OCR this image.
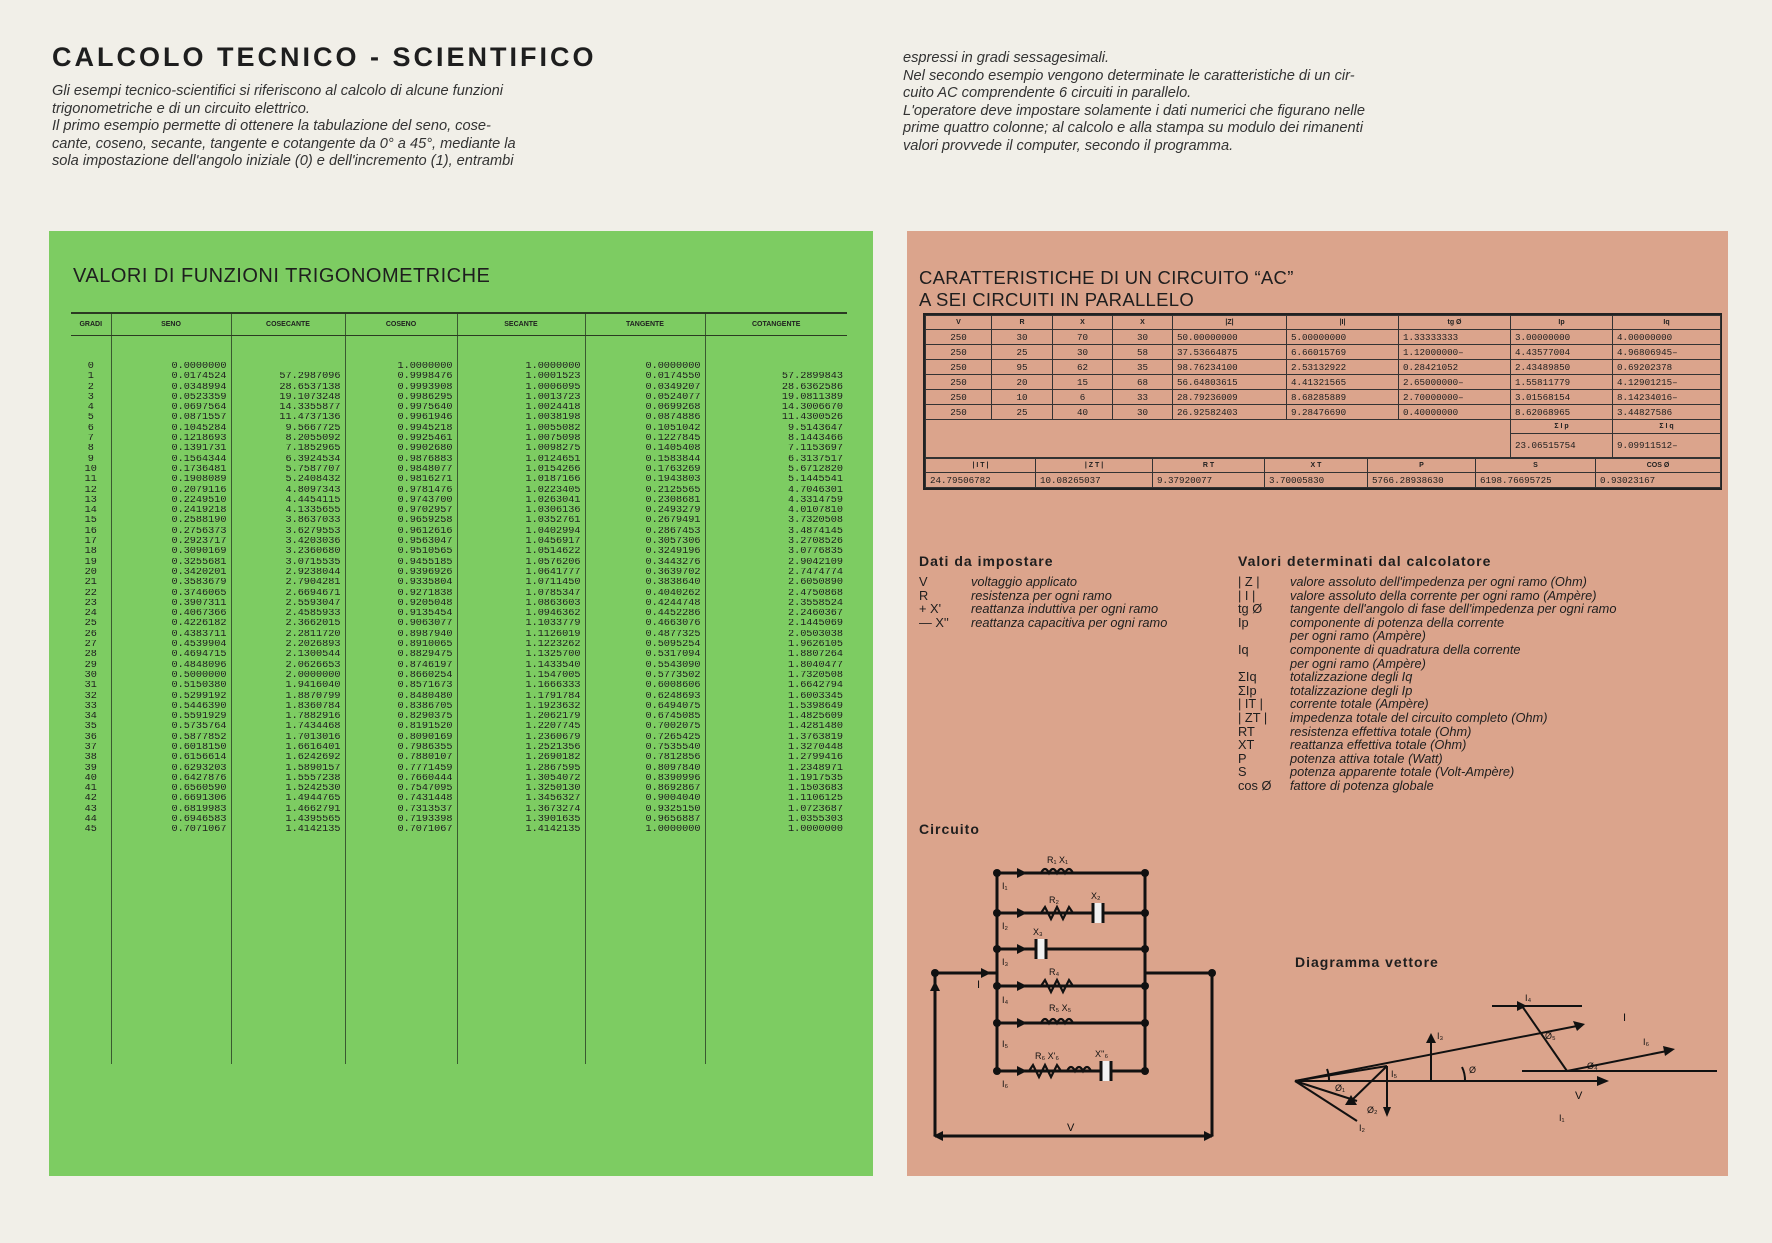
CALCOLO TECNICO - SCIENTIFICO

Gli esempi tecnico-scientifici si riferiscono al calcolo di alcune funzioni
trigonometriche e di un circuito elettrico.
Il primo esempio permette di ottenere la tabulazione del seno, cose-
cante, coseno, secante, tangente e cotangente da 0° a 45°, mediante la
sola impostazione dell'angolo iniziale (0) e dell'incremento (1), entrambi

espressi in gradi sessagesimali.
Nel secondo esempio vengono determinate le caratteristiche di un cir-
cuito AC comprendente 6 circuiti in parallelo.
L'operatore deve impostare solamente i dati numerici che figurano nelle
prime quattro colonne; al calcolo e alla stampa su modulo dei rimanenti
valori provvede il computer, secondo il programma.

VALORI DI FUNZIONI TRIGONOMETRICHE
GRADI	SENO	COSECANTE	COSENO	SECANTE	TANGENTE	COTANGENTE

0	0.0000000		1.0000000	1.0000000	0.0000000	
1	0.0174524	57.2987096	0.9998476	1.0001523	0.0174550	57.2899843
2	0.0348994	28.6537138	0.9993908	1.0006095	0.0349207	28.6362586
3	0.0523359	19.1073248	0.9986295	1.0013723	0.0524077	19.0811389
4	0.0697564	14.3355877	0.9975640	1.0024418	0.0699268	14.3006670
5	0.0871557	11.4737136	0.9961946	1.0038198	0.0874886	11.4300526
6	0.1045284	9.5667725	0.9945218	1.0055082	0.1051042	9.5143647
7	0.1218693	8.2055092	0.9925461	1.0075098	0.1227845	8.1443466
8	0.1391731	7.1852965	0.9902680	1.0098275	0.1405408	7.1153697
9	0.1564344	6.3924534	0.9876883	1.0124651	0.1583844	6.3137517
10	0.1736481	5.7587707	0.9848077	1.0154266	0.1763269	5.6712820
11	0.1908089	5.2408432	0.9816271	1.0187166	0.1943803	5.1445541
12	0.2079116	4.8097343	0.9781476	1.0223405	0.2125565	4.7046301
13	0.2249510	4.4454115	0.9743700	1.0263041	0.2308681	4.3314759
14	0.2419218	4.1335655	0.9702957	1.0306136	0.2493279	4.0107810
15	0.2588190	3.8637033	0.9659258	1.0352761	0.2679491	3.7320508
16	0.2756373	3.6279553	0.9612616	1.0402994	0.2867453	3.4874145
17	0.2923717	3.4203036	0.9563047	1.0456917	0.3057306	3.2708526
18	0.3090169	3.2360680	0.9510565	1.0514622	0.3249196	3.0776835
19	0.3255681	3.0715535	0.9455185	1.0576206	0.3443276	2.9042109
20	0.3420201	2.9238044	0.9396926	1.0641777	0.3639702	2.7474774
21	0.3583679	2.7904281	0.9335804	1.0711450	0.3838640	2.6050890
22	0.3746065	2.6694671	0.9271838	1.0785347	0.4040262	2.4750868
23	0.3907311	2.5593047	0.9205048	1.0863603	0.4244748	2.3558524
24	0.4067366	2.4585933	0.9135454	1.0946362	0.4452286	2.2460367
25	0.4226182	2.3662015	0.9063077	1.1033779	0.4663076	2.1445069
26	0.4383711	2.2811720	0.8987940	1.1126019	0.4877325	2.0503038
27	0.4539904	2.2026893	0.8910065	1.1223262	0.5095254	1.9626105
28	0.4694715	2.1300544	0.8829475	1.1325700	0.5317094	1.8807264
29	0.4848096	2.0626653	0.8746197	1.1433540	0.5543090	1.8040477
30	0.5000000	2.0000000	0.8660254	1.1547005	0.5773502	1.7320508
31	0.5150380	1.9416040	0.8571673	1.1666333	0.6008606	1.6642794
32	0.5299192	1.8870799	0.8480480	1.1791784	0.6248693	1.6003345
33	0.5446390	1.8360784	0.8386705	1.1923632	0.6494075	1.5398649
34	0.5591929	1.7882916	0.8290375	1.2062179	0.6745085	1.4825609
35	0.5735764	1.7434468	0.8191520	1.2207745	0.7002075	1.4281480
36	0.5877852	1.7013016	0.8090169	1.2360679	0.7265425	1.3763819
37	0.6018150	1.6616401	0.7986355	1.2521356	0.7535540	1.3270448
38	0.6156614	1.6242692	0.7880107	1.2690182	0.7812856	1.2799416
39	0.6293203	1.5890157	0.7771459	1.2867595	0.8097840	1.2348971
40	0.6427876	1.5557238	0.7660444	1.3054072	0.8390996	1.1917535
41	0.6560590	1.5242530	0.7547095	1.3250130	0.8692867	1.1503683
42	0.6691306	1.4944765	0.7431448	1.3456327	0.9004040	1.1106125
43	0.6819983	1.4662791	0.7313537	1.3673274	0.9325150	1.0723687
44	0.6946583	1.4395565	0.7193398	1.3901635	0.9656887	1.0355303
45	0.7071067	1.4142135	0.7071067	1.4142135	1.0000000	1.0000000

CARATTERISTICHE DI UN CIRCUITO “AC”
A SEI CIRCUITI IN PARALLELO
V	R	X	X	|Z|	|I|	tg Ø	Ip	Iq
250	30	70	30	50.00000000	5.00000000	1.33333333	3.00000000	4.00000000
250	25	30	58	37.53664875	6.66015769	1.12000000–	4.43577004	4.96806945–
250	95	62	35	98.76234100	2.53132922	0.28421052	2.43489850	0.69202378
250	20	15	68	56.64803615	4.41321565	2.65000000–	1.55811779	4.12901215–
250	10	6	33	28.79236009	8.68285889	2.70000000–	3.01568154	8.14234016–
250	25	40	30	26.92582403	9.28476690	0.40000000	8.62068965	3.44827586
							Σ I p	Σ I q
							23.06515754	9.09911512–
| I T |	| Z T |	R T	X T	P	S	COS Ø
24.79506782	10.08265037	9.37920077	3.70005830	5766.28938630	6198.76695725	0.93023167
Dati da impostare
V	voltaggio applicato
R	resistenza per ogni ramo
+ X'	reattanza induttiva per ogni ramo
— X''	reattanza capacitiva per ogni ramo
Valori determinati dal calcolatore
| Z |	valore assoluto dell'impedenza per ogni ramo (Ohm)
| I |	valore assoluto della corrente per ogni ramo (Ampère)
tg Ø	tangente dell'angolo di fase dell'impedenza per ogni ramo
Ip	componente di potenza della corrente
per ogni ramo (Ampère)
Iq	componente di quadratura della corrente
per ogni ramo (Ampère)
ΣIq	totalizzazione degli Iq
ΣIp	totalizzazione degli Ip
| IT |	corrente totale (Ampère)
| ZT |	impedenza totale del circuito completo (Ohm)
RT	resistenza effettiva totale (Ohm)
XT	reattanza effettiva totale (Ohm)
P	potenza attiva totale (Watt)
S	potenza apparente totale (Volt-Ampère)
cos Ø	fattore di potenza globale
Circuito
Diagramma vettore
R₁ X₁
R₂	X₂
X₃
R₄
R₅ X₅
R₆ X'₆	X''₆
I₁
I₂
I₃
I₄
I₅
I₆
I
V
I₁
I₂
I₃
I₄
I₅
I₆
Ø
Ø₁
Ø₂
Ø₅
Ø₄
V
I
